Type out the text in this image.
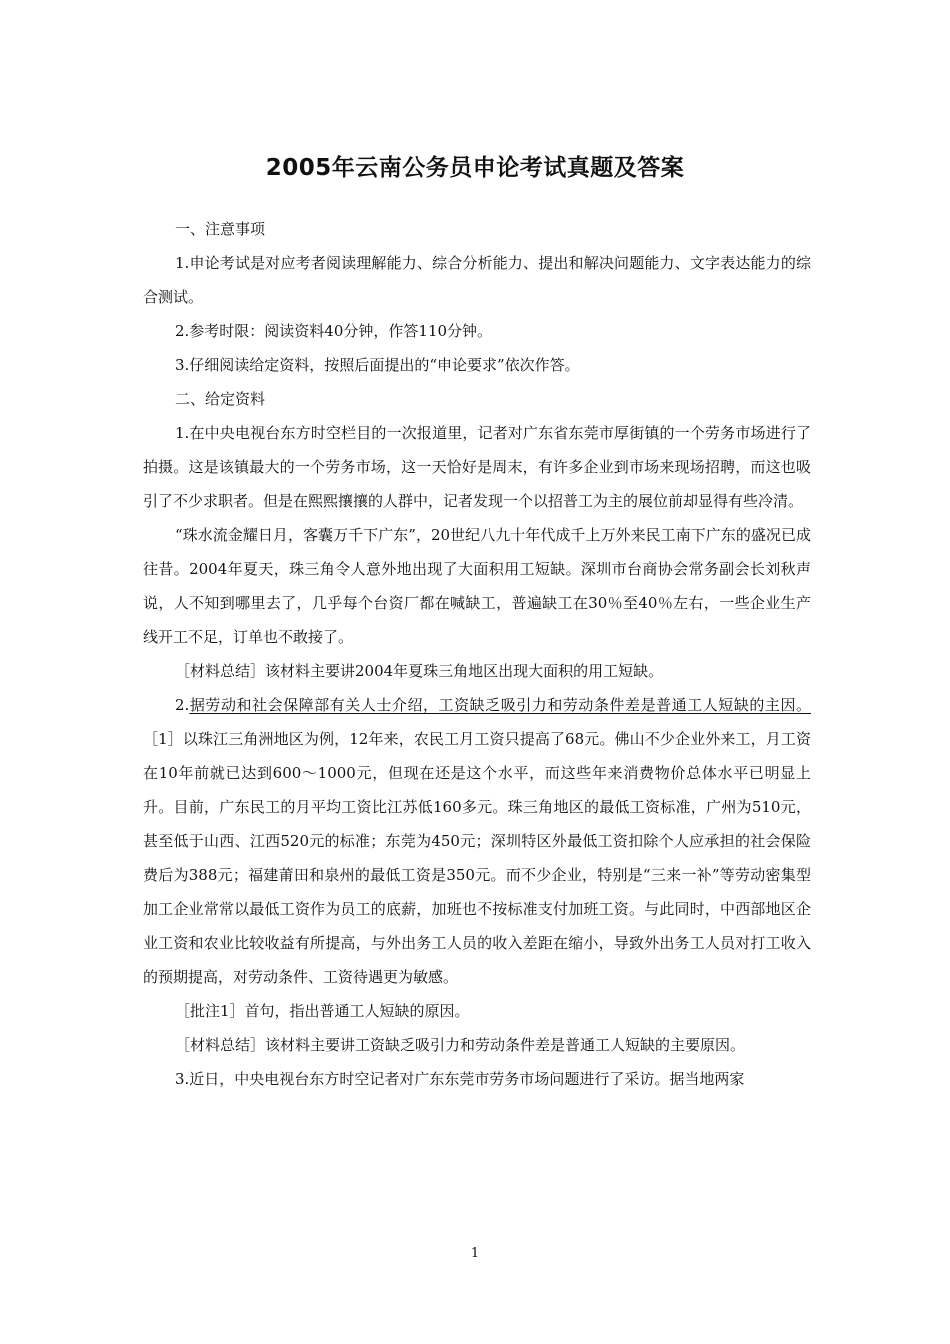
2005年云南公务员申论考试真题及答案

一、注意事项

1.申论考试是对应考者阅读理解能力、综合分析能力、提出和解决问题能力、文字表达能力的综合测试。

2.参考时限：阅读资料40分钟，作答110分钟。

3.仔细阅读给定资料，按照后面提出的“申论要求”依次作答。

二、给定资料

1.在中央电视台东方时空栏目的一次报道里，记者对广东省东莞市厚街镇的一个劳务市场进行了拍摄。这是该镇最大的一个劳务市场，这一天恰好是周末，有许多企业到市场来现场招聘，而这也吸引了不少求职者。但是在熙熙攘攘的人群中，记者发现一个以招普工为主的展位前却显得有些冷清。

“珠水流金耀日月，客囊万千下广东”，20世纪八九十年代成千上万外来民工南下广东的盛况已成往昔。2004年夏天，珠三角令人意外地出现了大面积用工短缺。深圳市台商协会常务副会长刘秋声说，人不知到哪里去了，几乎每个台资厂都在喊缺工，普遍缺工在30％至40％左右，一些企业生产线开工不足，订单也不敢接了。

［材料总结］该材料主要讲2004年夏珠三角地区出现大面积的用工短缺。

2.据劳动和社会保障部有关人士介绍，工资缺乏吸引力和劳动条件差是普通工人短缺的主因。［1］以珠江三角洲地区为例，12年来，农民工月工资只提高了68元。佛山不少企业外来工，月工资在10年前就已达到600～1000元，但现在还是这个水平，而这些年来消费物价总体水平已明显上升。目前，广东民工的月平均工资比江苏低160多元。珠三角地区的最低工资标准，广州为510元，甚至低于山西、江西520元的标准；东莞为450元；深圳特区外最低工资扣除个人应承担的社会保险费后为388元；福建莆田和泉州的最低工资是350元。而不少企业，特别是“三来一补”等劳动密集型加工企业常常以最低工资作为员工的底薪，加班也不按标准支付加班工资。与此同时，中西部地区企业工资和农业比较收益有所提高，与外出务工人员的收入差距在缩小，导致外出务工人员对打工收入的预期提高，对劳动条件、工资待遇更为敏感。

［批注1］首句，指出普通工人短缺的原因。

［材料总结］该材料主要讲工资缺乏吸引力和劳动条件差是普通工人短缺的主要原因。

3.近日，中央电视台东方时空记者对广东东莞市劳务市场问题进行了采访。据当地两家

1
